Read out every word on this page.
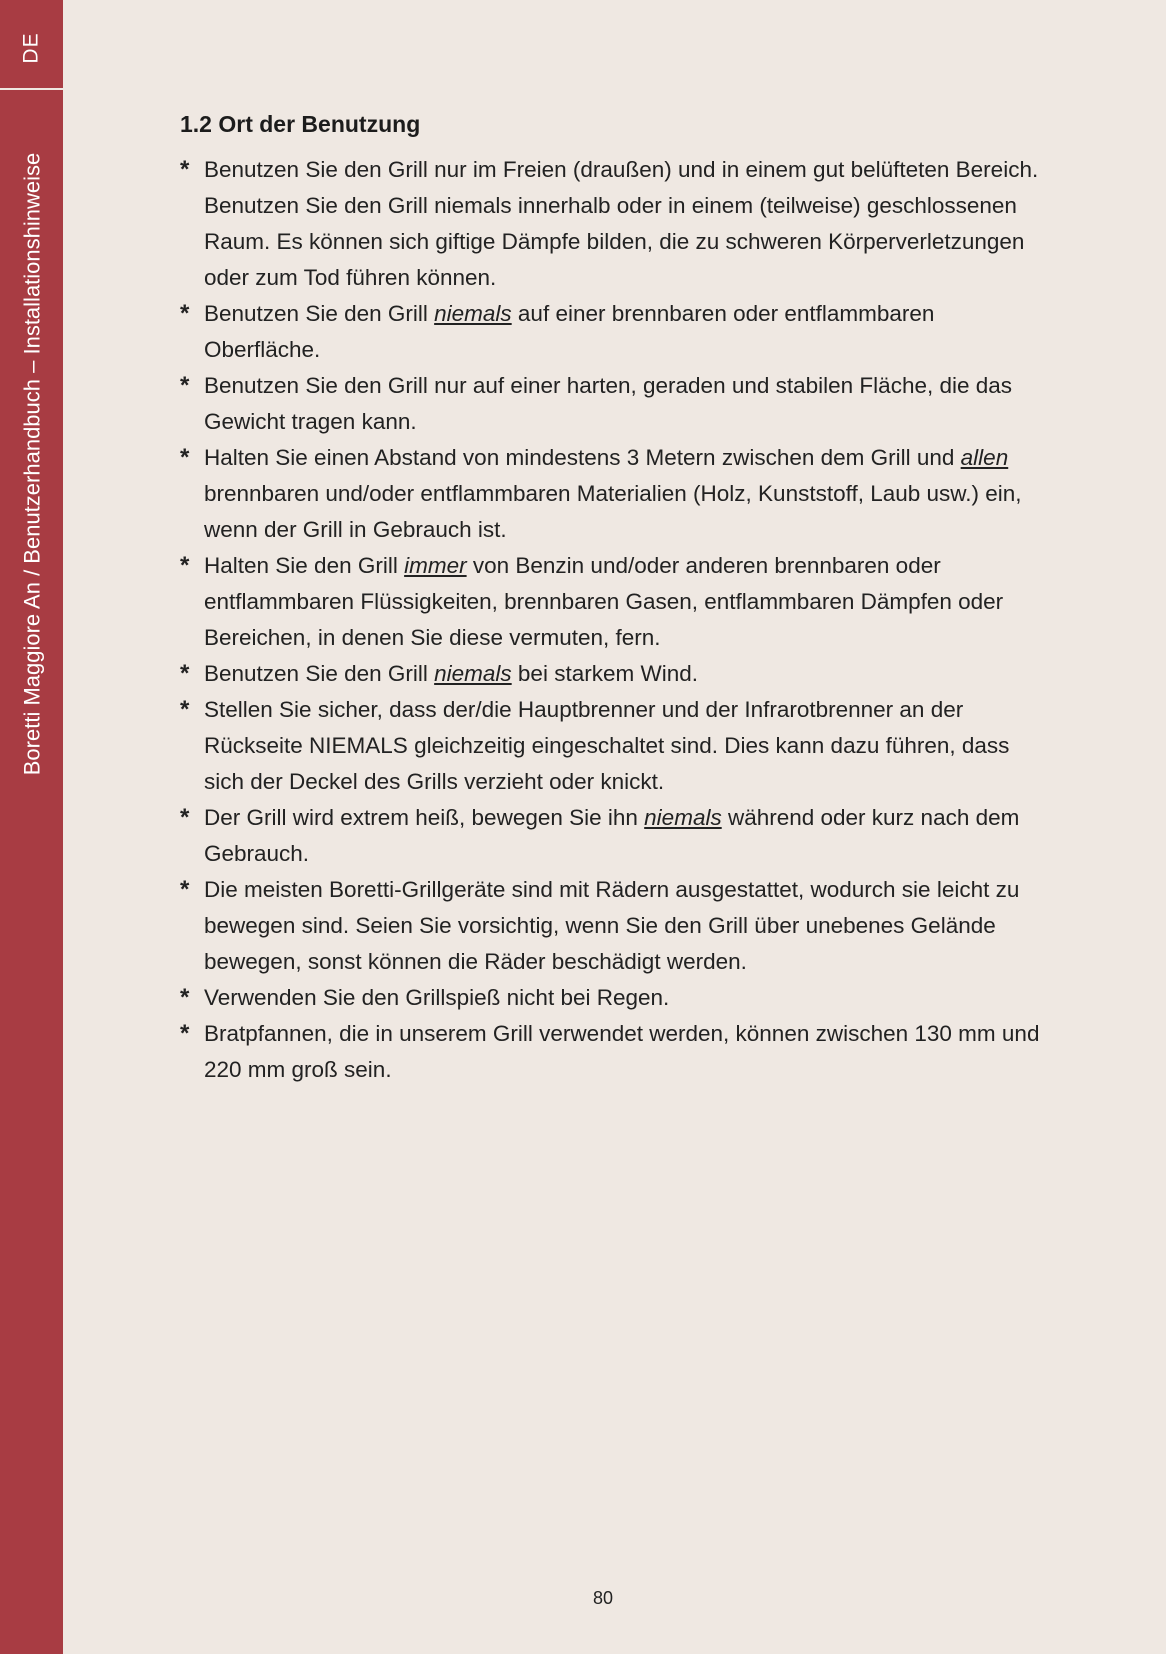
DE
Boretti Maggiore An / Benutzerhandbuch – Installationshinweise
1.2 Ort der Benutzung
* Benutzen Sie den Grill nur im Freien (draußen) und in einem gut belüfteten Bereich. Benutzen Sie den Grill niemals innerhalb oder in einem (teilweise) geschlossenen Raum. Es können sich giftige Dämpfe bilden, die zu schweren Körperverletzungen oder zum Tod führen können.
* Benutzen Sie den Grill niemals auf einer brennbaren oder entflammbaren Oberfläche.
* Benutzen Sie den Grill nur auf einer harten, geraden und stabilen Fläche, die das Gewicht tragen kann.
* Halten Sie einen Abstand von mindestens 3 Metern zwischen dem Grill und allen brennbaren und/oder entflammbaren Materialien (Holz, Kunststoff, Laub usw.) ein, wenn der Grill in Gebrauch ist.
* Halten Sie den Grill immer von Benzin und/oder anderen brennbaren oder entflammbaren Flüssigkeiten, brennbaren Gasen, entflammbaren Dämpfen oder Bereichen, in denen Sie diese vermuten, fern.
* Benutzen Sie den Grill niemals bei starkem Wind.
* Stellen Sie sicher, dass der/die Hauptbrenner und der Infrarotbrenner an der Rückseite NIEMALS gleichzeitig eingeschaltet sind. Dies kann dazu führen, dass sich der Deckel des Grills verzieht oder knickt.
* Der Grill wird extrem heiß, bewegen Sie ihn niemals während oder kurz nach dem Gebrauch.
* Die meisten Boretti-Grillgeräte sind mit Rädern ausgestattet, wodurch sie leicht zu bewegen sind. Seien Sie vorsichtig, wenn Sie den Grill über unebenes Gelände bewegen, sonst können die Räder beschädigt werden.
* Verwenden Sie den Grillspieß nicht bei Regen.
* Bratpfannen, die in unserem Grill verwendet werden, können zwischen 130 mm und 220 mm groß sein.
80
